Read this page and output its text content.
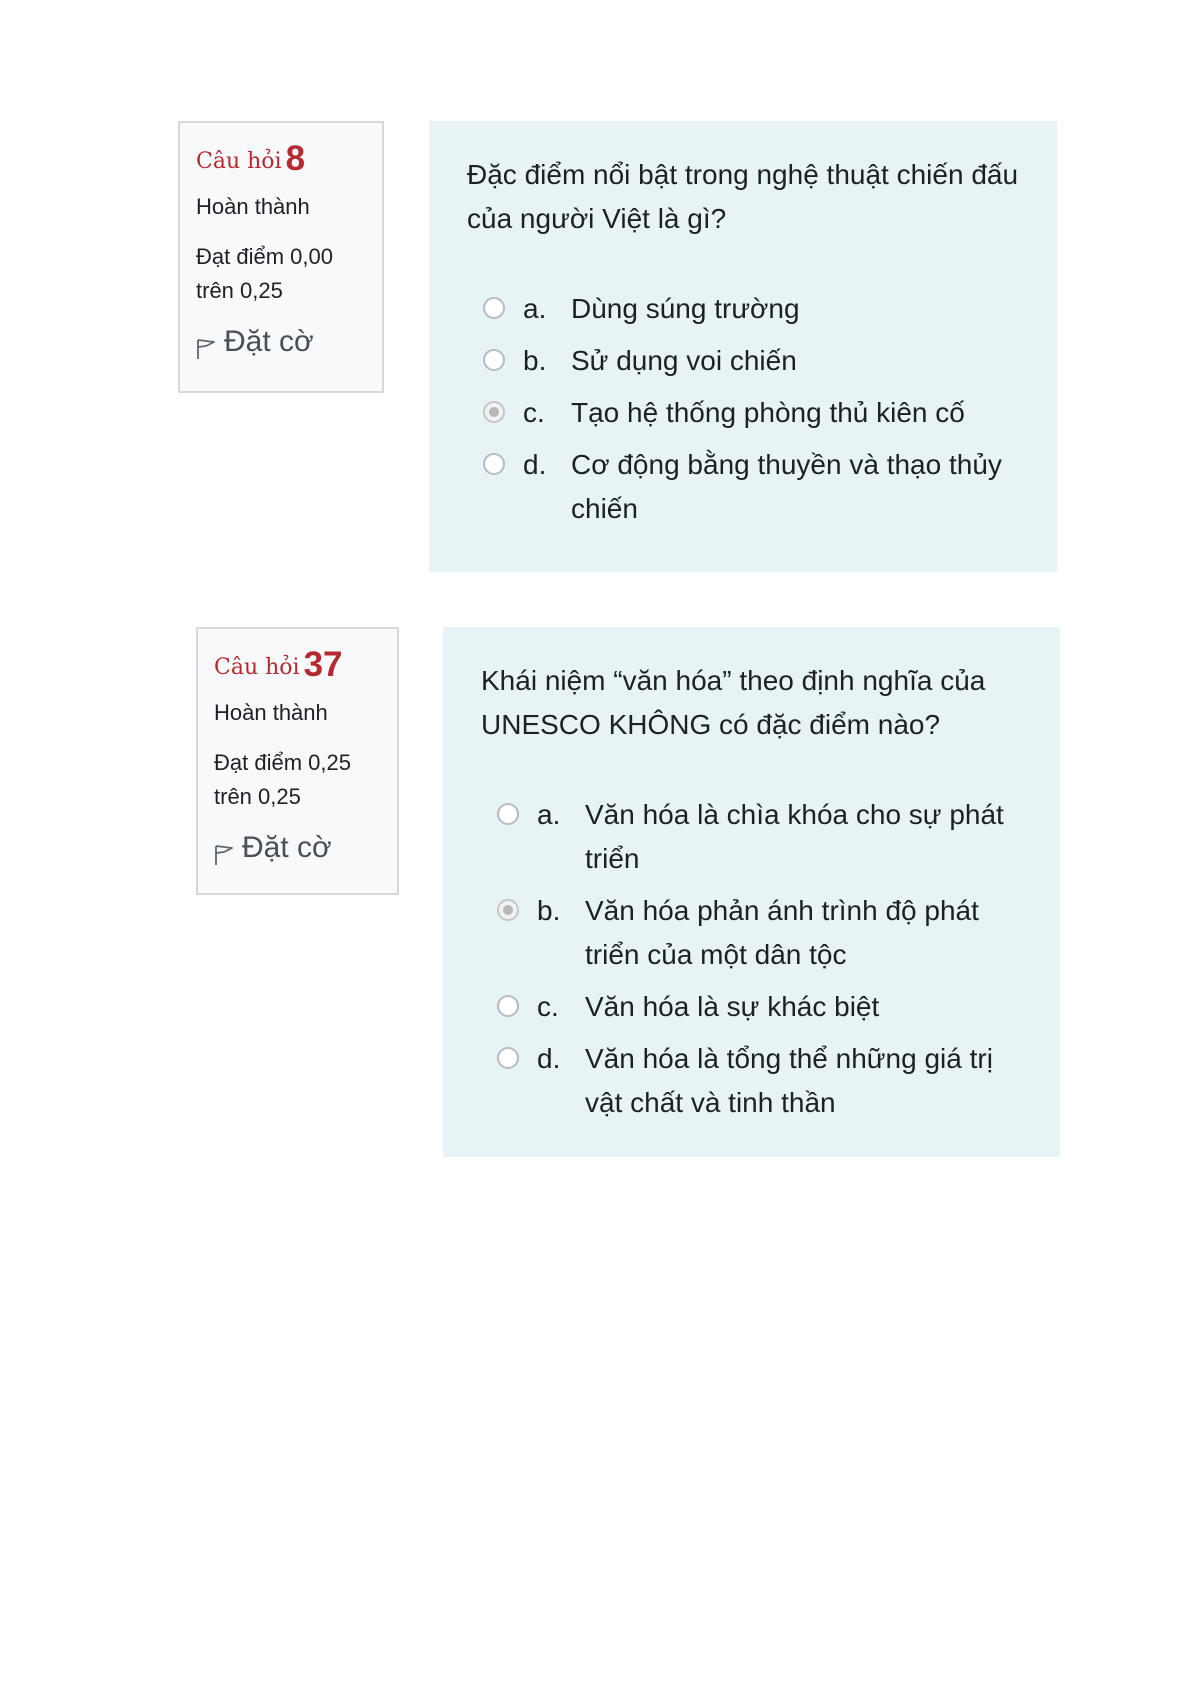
Câu hỏi 8
Hoàn thành
Đạt điểm 0,00
trên 0,25
Đặt cờ
Đặc điểm nổi bật trong nghệ thuật chiến đấu của người Việt là gì?
a. Dùng súng trường
b. Sử dụng voi chiến
c. Tạo hệ thống phòng thủ kiên cố
d. Cơ động bằng thuyền và thạo thủy chiến
Câu hỏi 37
Hoàn thành
Đạt điểm 0,25
trên 0,25
Đặt cờ
Khái niệm “văn hóa” theo định nghĩa của UNESCO KHÔNG có đặc điểm nào?
a. Văn hóa là chìa khóa cho sự phát triển
b. Văn hóa phản ánh trình độ phát triển của một dân tộc
c. Văn hóa là sự khác biệt
d. Văn hóa là tổng thể những giá trị vật chất và tinh thần
